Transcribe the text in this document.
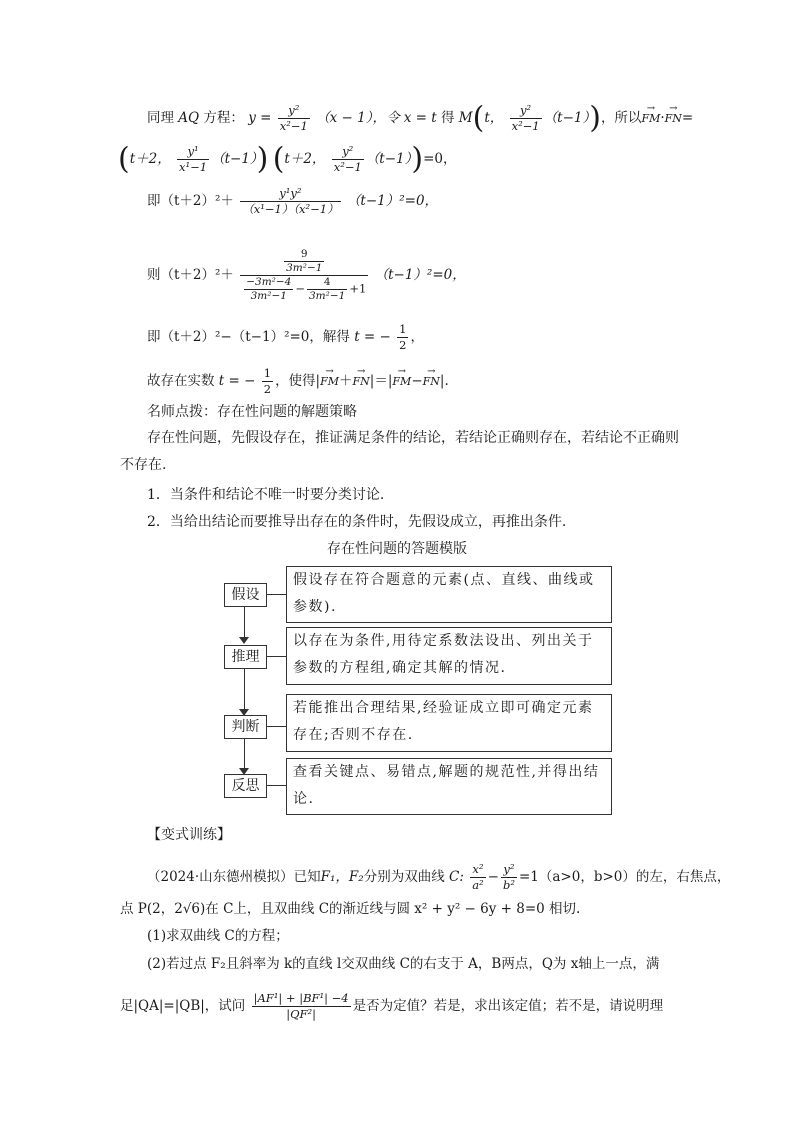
同理 AQ 方程： $y = \frac{\text{y²}}{\text{x²−1}} (x - 1)$，令 x = t 得 M(t， $\frac{\text{y²}}{\text{x²−1}} (t-1)$)，所以→ FM·→ FN=
(t＋2， $\frac{\text{y¹}}{\text{x¹−1}} (t-1)$) (t＋2， $\frac{\text{y²}}{\text{x²−1}} (t-1))=0$，
即$(t+2)^2+ \frac{\text{y¹y²}}{\text{（x¹−1）（x²−1）}} (t-1)^2=0$，
则$(t+2)^2+ \frac{\frac{9}{\text{3m²−1}}}{\frac{\text{−3m²−4}}{\text{3m²−1}} - \frac{4}{\text{3m²−1}} +1} (t-1)^2=0$，
即（t＋2）²−（t−1）²=0，解得 t = − $\frac{1}{2}$ ，
故存在实数 t = − $\frac{1}{2}$ ，使得|→ FM＋→ FN|＝|→ FM−→ FN|.
名师点拨：存在性问题的解题策略
存在性问题，先假设存在，推证满足条件的结论，若结论正确则存在，若结论不正确则不存在.
1．当条件和结论不唯一时要分类讨论.
2．当给出结论而要推导出存在的条件时，先假设成立，再推出条件.
存在性问题的答题模版
假设
假设存在符合题意的元素(点、直线、曲线或参数).
推理
以存在为条件,用待定系数法设出、列出关于参数的方程组,确定其解的情况.
判断
若能推出合理结果,经验证成立即可确定元素存在;否则不存在.
反思
查看关键点、易错点,解题的规范性,并得出结论.
【变式训练】
（2024·山东德州模拟）已知F₁，F₂分别为双曲线 C: $\frac{\text{x²}}{\text{a²}} - \frac{\text{y²}}{\text{b²}} =1(a>0$，b>0）的左，右焦点，
点 P(2，2√6)在 C上，且双曲线 C的渐近线与圆 x² + y² − 6y + 8=0 相切.
(1)求双曲线 C的方程；
(2)若过点 F₂且斜率为 k的直线 l交双曲线 C的右支于 A，B两点，Q为 x轴上一点，满
足|QA|=|QB|，试问 $\frac{\text{|AF¹| + |BF¹| −4}}{\text{|QF²|}}$ 是否为定值？若是，求出该定值；若不是，请说明理
